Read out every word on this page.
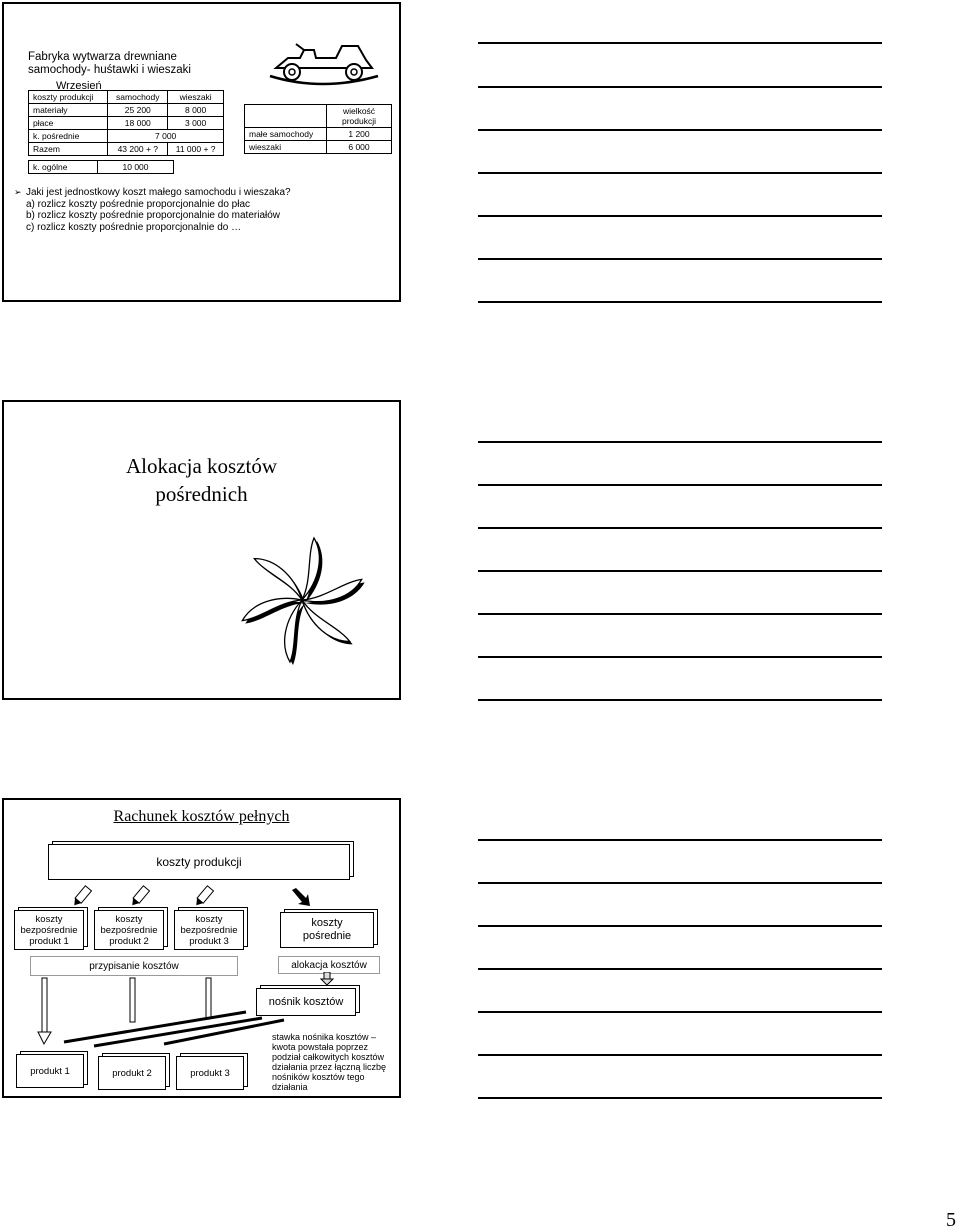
Fabryka wytwarza drewniane
samochody- huśtawki i wieszaki
Wrzesień
koszty produkcji	samochody	wieszaki
materiały	25 200	8 000
płace	18 000	3 000
k. pośrednie	7 000	
Razem	43 200 + ?	11 000 + ?
k. ogólne	10 000
	wielkość produkcji
małe samochody	1 200
wieszaki	6 000
➢ Jaki jest jednostkowy koszt małego samochodu i wieszaka?
a) rozlicz koszty pośrednie proporcjonalnie do płac
b) rozlicz koszty pośrednie proporcjonalnie do materiałów
c) rozlicz koszty pośrednie proporcjonalnie do …
Alokacja kosztów
pośrednich
Rachunek kosztów pełnych
koszty produkcji
koszty bezpośrednie produkt 1
koszty bezpośrednie produkt 2
koszty bezpośrednie produkt 3
koszty pośrednie
przypisanie kosztów	alokacja kosztów
nośnik kosztów
produkt 1	produkt 2	produkt 3
stawka nośnika kosztów – kwota powstała poprzez podział całkowitych kosztów działania przez łączną liczbę nośników kosztów tego działania
5
